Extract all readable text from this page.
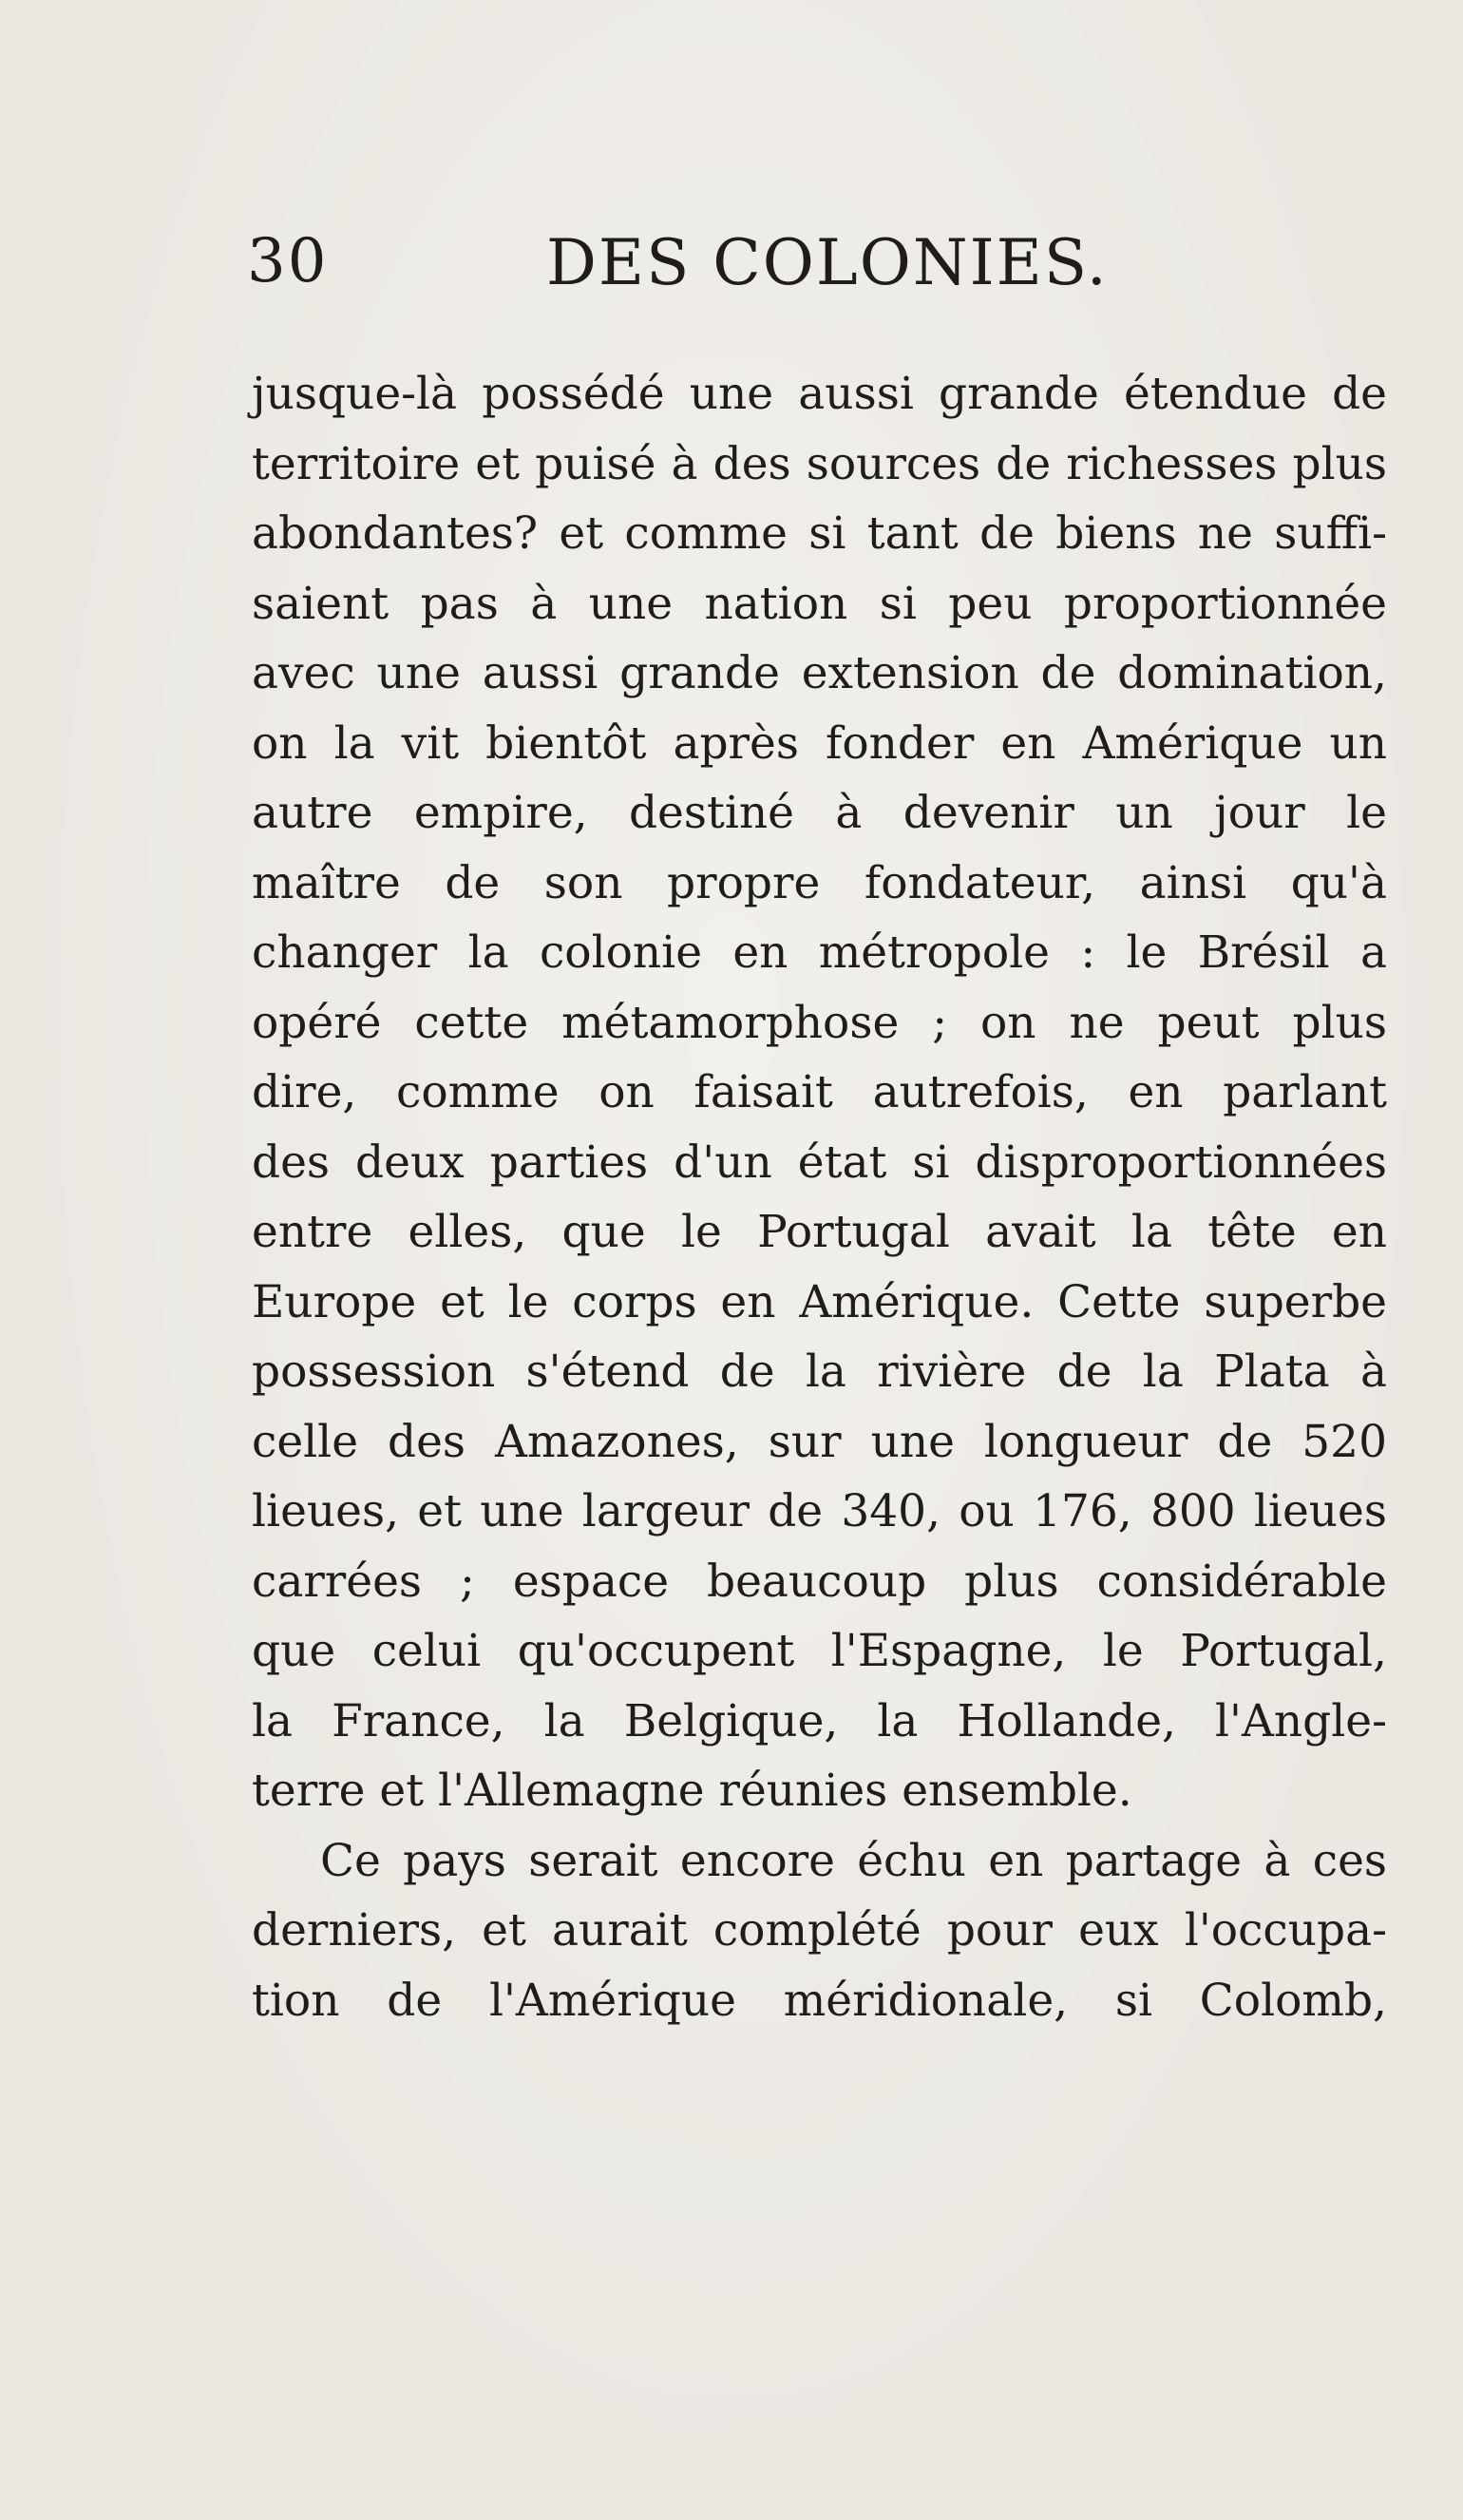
30	DES COLONIES.
jusque-là possédé une aussi grande étendue de
territoire et puisé à des sources de richesses plus
abondantes? et comme si tant de biens ne suffi-
saient pas à une nation si peu proportionnée
avec une aussi grande extension de domination,
on la vit bientôt après fonder en Amérique un
autre empire, destiné à devenir un jour le
maître de son propre fondateur, ainsi qu'à
changer la colonie en métropole : le Brésil a
opéré cette métamorphose ; on ne peut plus
dire, comme on faisait autrefois, en parlant
des deux parties d'un état si disproportionnées
entre elles, que le Portugal avait la tête en
Europe et le corps en Amérique. Cette superbe
possession s'étend de la rivière de la Plata à
celle des Amazones, sur une longueur de 520
lieues, et une largeur de 340, ou 176, 800 lieues
carrées ; espace beaucoup plus considérable
que celui qu'occupent l'Espagne, le Portugal,
la France, la Belgique, la Hollande, l'Angle-
terre et l'Allemagne réunies ensemble.
Ce pays serait encore échu en partage à ces
derniers, et aurait complété pour eux l'occupa-
tion de l'Amérique méridionale, si Colomb,
